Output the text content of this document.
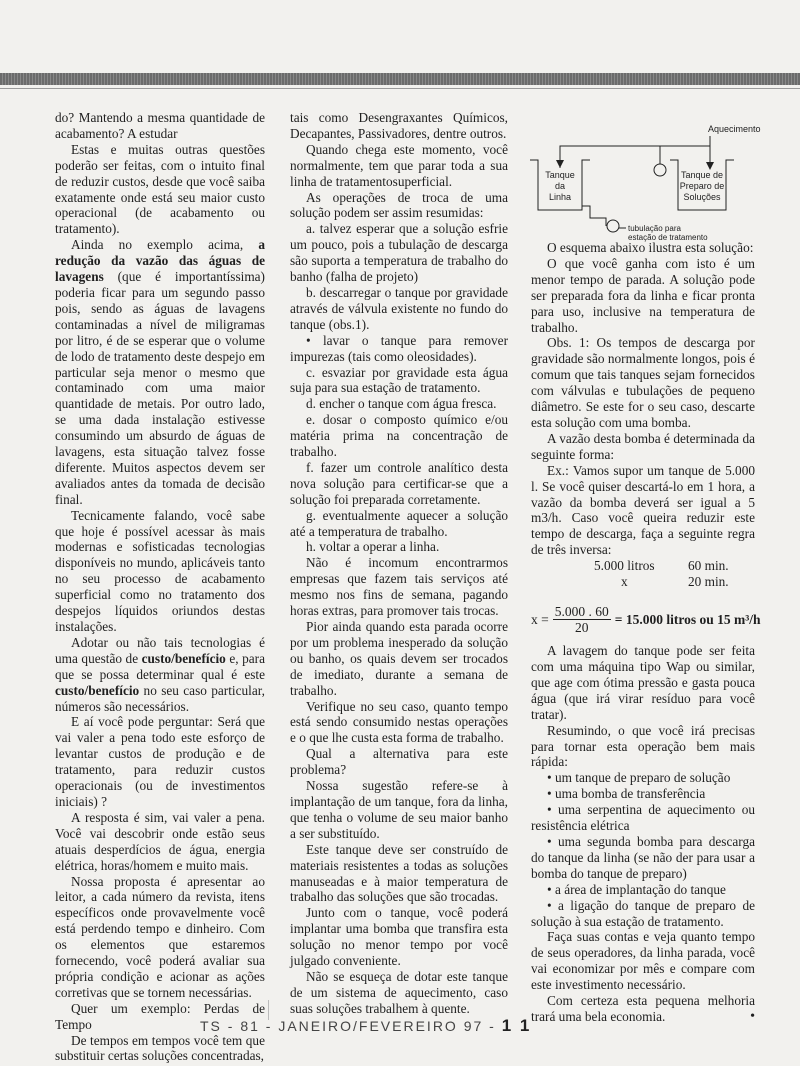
do? Mantendo a mesma quantidade de acabamento? A estudar

Estas e muitas outras questões poderão ser feitas, com o intuito final de reduzir custos, desde que você saiba exatamente onde está seu maior custo operacional (de acabamento ou tratamento).

Ainda no exemplo acima, a redução da vazão das águas de lavagens (que é importantíssima) poderia ficar para um segundo passo pois, sendo as águas de lavagens contaminadas a nível de miligramas por litro, é de se esperar que o volume de lodo de tratamento deste despejo em particular seja menor o mesmo que contaminado com uma maior quantidade de metais. Por outro lado, se uma dada instalação estivesse consumindo um absurdo de águas de lavagens, esta situação talvez fosse diferente. Muitos aspectos devem ser avaliados antes da tomada de decisão final.

Tecnicamente falando, você sabe que hoje é possível acessar às mais modernas e sofisticadas tecnologias disponíveis no mundo, aplicáveis tanto no seu processo de acabamento superficial como no tratamento dos despejos líquidos oriundos destas instalações.

Adotar ou não tais tecnologias é uma questão de custo/benefício e, para que se possa determinar qual é este custo/benefício no seu caso particular, números são necessários.

E aí você pode perguntar: Será que vai valer a pena todo este esforço de levantar custos de produção e de tratamento, para reduzir custos operacionais (ou de investimentos iniciais) ?

A resposta é sim, vai valer a pena. Você vai descobrir onde estão seus atuais desperdícios de água, energia elétrica, horas/homem e muito mais.

Nossa proposta é apresentar ao leitor, a cada número da revista, itens específicos onde provavelmente você está perdendo tempo e dinheiro. Com os elementos que estaremos fornecendo, você poderá avaliar sua própria condição e acionar as ações corretivas que se tornem necessárias.

Quer um exemplo: Perdas de Tempo

De tempos em tempos você tem que substituir certas soluções concentradas,

tais como Desengraxantes Químicos, Decapantes, Passivadores, dentre outros.

Quando chega este momento, você normalmente, tem que parar toda a sua linha de tratamentosuperficial.

As operações de troca de uma solução podem ser assim resumidas:

a. talvez esperar que a solução esfrie um pouco, pois a tubulação de descarga são suporta a temperatura de trabalho do banho (falha de projeto)

b. descarregar o tanque por gravidade através de válvula existente no fundo do tanque (obs.1).

• lavar o tanque para remover impurezas (tais como oleosidades).

c. esvaziar por gravidade esta água suja para sua estação de tratamento.

d. encher o tanque com água fresca.

e. dosar o composto químico e/ou matéria prima na concentração de trabalho.

f. fazer um controle analítico desta nova solução para certificar-se que a solução foi preparada corretamente.

g. eventualmente aquecer a solução até a temperatura de trabalho.

h. voltar a operar a linha.

Não é incomum encontrarmos empresas que fazem tais serviços até mesmo nos fins de semana, pagando horas extras, para promover tais trocas.

Pior ainda quando esta parada ocorre por um problema inesperado da solução ou banho, os quais devem ser trocados de imediato, durante a semana de trabalho.

Verifique no seu caso, quanto tempo está sendo consumido nestas operações e o que lhe custa esta forma de trabalho.

Qual a alternativa para este problema?

Nossa sugestão refere-se à implantação de um tanque, fora da linha, que tenha o volume de seu maior banho a ser substituído.

Este tanque deve ser construído de materiais resistentes a todas as soluções manuseadas e à maior temperatura de trabalho das soluções que são trocadas.

Junto com o tanque, você poderá implantar uma bomba que transfira esta solução no menor tempo por você julgado conveniente.

Não se esqueça de dotar este tanque de um sistema de aquecimento, caso suas soluções trabalhem à quente.

Aquecimento
Tanque
da
Linha
Tanque de
Preparo de
Soluções
tubulação para
estação de tratamento

O esquema abaixo ilustra esta solução:

O que você ganha com isto é um menor tempo de parada. A solução pode ser preparada fora da linha e ficar pronta para uso, inclusive na temperatura de trabalho.

Obs. 1: Os tempos de descarga por gravidade são normalmente longos, pois é comum que tais tanques sejam fornecidos com válvulas e tubulações de pequeno diâmetro. Se este for o seu caso, descarte esta solução com uma bomba.

A vazão desta bomba é determinada da seguinte forma:

Ex.: Vamos supor um tanque de 5.000 l. Se você quiser descartá-lo em 1 hora, a vazão da bomba deverá ser igual a 5 m3/h. Caso você queira reduzir este tempo de descarga, faça a seguinte regra de três inversa:

5.000 litros	60 min.
x	20 min.
$x = \frac{5.000 . 60}{20} = 15.000$ litros ou 15 m³/h

A lavagem do tanque pode ser feita com uma máquina tipo Wap ou similar, que age com ótima pressão e gasta pouca água (que irá virar resíduo para você tratar).

Resumindo, o que você irá precisas para tornar esta operação bem mais rápida:

• um tanque de preparo de solução

• uma bomba de transferência

• uma serpentina de aquecimento ou resistência elétrica

• uma segunda bomba para descarga do tanque da linha (se não der para usar a bomba do tanque de preparo)

• a área de implantação do tanque

• a ligação do tanque de preparo de solução à sua estação de tratamento.

Faça suas contas e veja quanto tempo de seus operadores, da linha parada, você vai economizar por mês e compare com este investimento necessário.

Com certeza esta pequena melhoria trará uma bela economia.	•

TS - 81 - JANEIRO/FEVEREIRO 97 - 1 1
